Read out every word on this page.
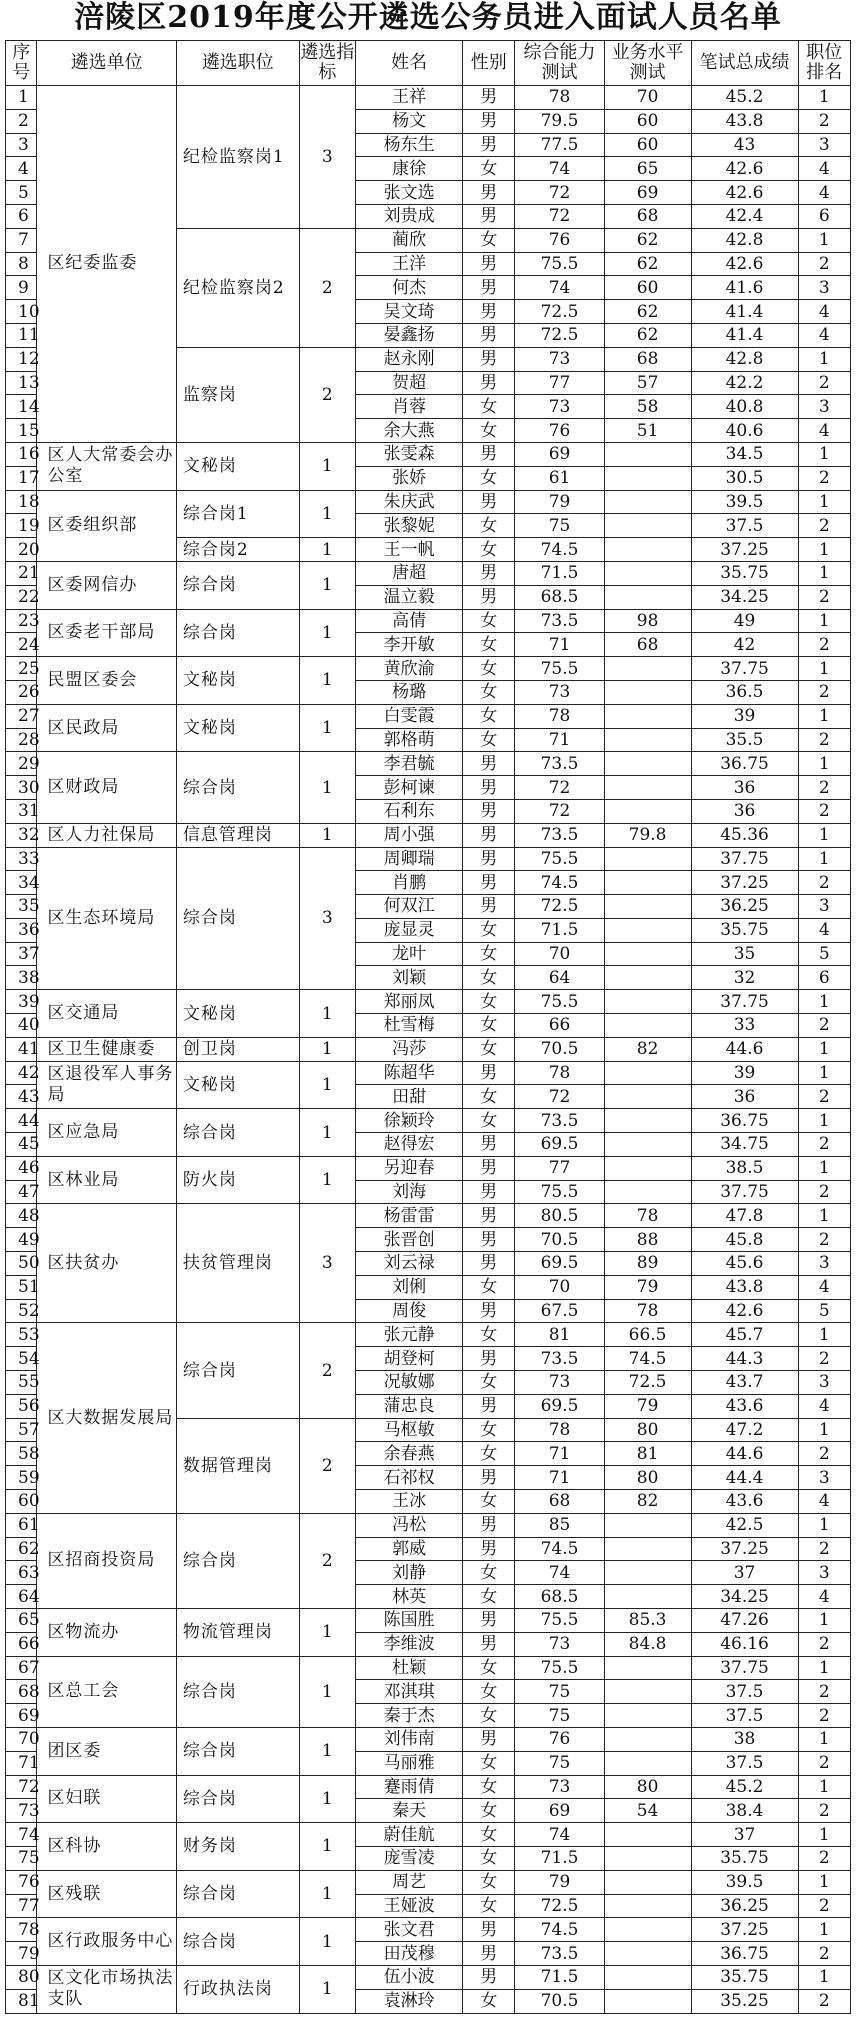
涪陵区2019年度公开遴选公务员进入面试人员名单
序号	遴选单位	遴选职位	遴选指标	姓名	性别	综合能力测试	业务水平测试	笔试总成绩	职位排名
1	区纪委监委	纪检监察岗1	3	王祥	男	78	70	45.2	1
2				杨文	男	79.5	60	43.8	2
3				杨东生	男	77.5	60	43	3
4				康徐	女	74	65	42.6	4
5				张文选	男	72	69	42.6	4
6				刘贵成	男	72	68	42.4	6
7		纪检监察岗2	2	蔺欣	女	76	62	42.8	1
8				王洋	男	75.5	62	42.6	2
9				何杰	男	74	60	41.6	3
10				吴文琦	男	72.5	62	41.4	4
11				晏鑫扬	男	72.5	62	41.4	4
12		监察岗	2	赵永刚	男	73	68	42.8	1
13				贺超	男	77	57	42.2	2
14				肖蓉	女	73	58	40.8	3
15				余大燕	女	76	51	40.6	4
16	区人大常委会办公室	文秘岗	1	张雯森	男	69		34.5	1
17				张娇	女	61		30.5	2
18	区委组织部	综合岗1	1	朱庆武	男	79		39.5	1
19				张黎妮	女	75		37.5	2
20		综合岗2	1	王一帆	女	74.5		37.25	1
21	区委网信办	综合岗	1	唐超	男	71.5		35.75	1
22				温立毅	男	68.5		34.25	2
23	区委老干部局	综合岗	1	高倩	女	73.5	98	49	1
24				李开敏	女	71	68	42	2
25	民盟区委会	文秘岗	1	黄欣渝	女	75.5		37.75	1
26				杨璐	女	73		36.5	2
27	区民政局	文秘岗	1	白雯霞	女	78		39	1
28				郭格萌	女	71		35.5	2
29	区财政局	综合岗	1	李君毓	男	73.5		36.75	1
30				彭柯谏	男	72		36	2
31				石利东	男	72		36	2
32	区人力社保局	信息管理岗	1	周小强	男	73.5	79.8	45.36	1
33	区生态环境局	综合岗	3	周卿瑞	男	75.5		37.75	1
34				肖鹏	男	74.5		37.25	2
35				何双江	男	72.5		36.25	3
36				庞显灵	女	71.5		35.75	4
37				龙叶	女	70		35	5
38				刘颖	女	64		32	6
39	区交通局	文秘岗	1	郑丽凤	女	75.5		37.75	1
40				杜雪梅	女	66		33	2
41	区卫生健康委	创卫岗	1	冯莎	女	70.5	82	44.6	1
42	区退役军人事务局	文秘岗	1	陈超华	男	78		39	1
43				田甜	女	72		36	2
44	区应急局	综合岗	1	徐颖玲	女	73.5		36.75	1
45				赵得宏	男	69.5		34.75	2
46	区林业局	防火岗	1	另迎春	男	77		38.5	1
47				刘海	男	75.5		37.75	2
48	区扶贫办	扶贫管理岗	3	杨雷雷	男	80.5	78	47.8	1
49				张晋创	男	70.5	88	45.8	2
50				刘云禄	男	69.5	89	45.6	3
51				刘俐	女	70	79	43.8	4
52				周俊	男	67.5	78	42.6	5
53	区大数据发展局	综合岗	2	张元静	女	81	66.5	45.7	1
54				胡登柯	男	73.5	74.5	44.3	2
55				况敏娜	女	73	72.5	43.7	3
56				蒲忠良	男	69.5	79	43.6	4
57		数据管理岗	2	马枢敏	女	78	80	47.2	1
58				余春燕	女	71	81	44.6	2
59				石祁权	男	71	80	44.4	3
60				王冰	女	68	82	43.6	4
61	区招商投资局	综合岗	2	冯松	男	85		42.5	1
62				郭威	男	74.5		37.25	2
63				刘静	女	74		37	3
64				林英	女	68.5		34.25	4
65	区物流办	物流管理岗	1	陈国胜	男	75.5	85.3	47.26	1
66				李维波	男	73	84.8	46.16	2
67	区总工会	综合岗	1	杜颖	女	75.5		37.75	1
68				邓淇琪	女	75		37.5	2
69				秦于杰	女	75		37.5	2
70	团区委	综合岗	1	刘伟南	男	76		38	1
71				马丽雅	女	75		37.5	2
72	区妇联	综合岗	1	蹇雨倩	女	73	80	45.2	1
73				秦天	女	69	54	38.4	2
74	区科协	财务岗	1	蔚佳航	女	74		37	1
75				庞雪凌	女	71.5		35.75	2
76	区残联	综合岗	1	周艺	女	79		39.5	1
77				王娅波	女	72.5		36.25	2
78	区行政服务中心	综合岗	1	张文君	男	74.5		37.25	1
79				田茂穆	男	73.5		36.75	2
80	区文化市场执法支队	行政执法岗	1	伍小波	男	71.5		35.75	1
81				袁淋玲	女	70.5		35.25	2
